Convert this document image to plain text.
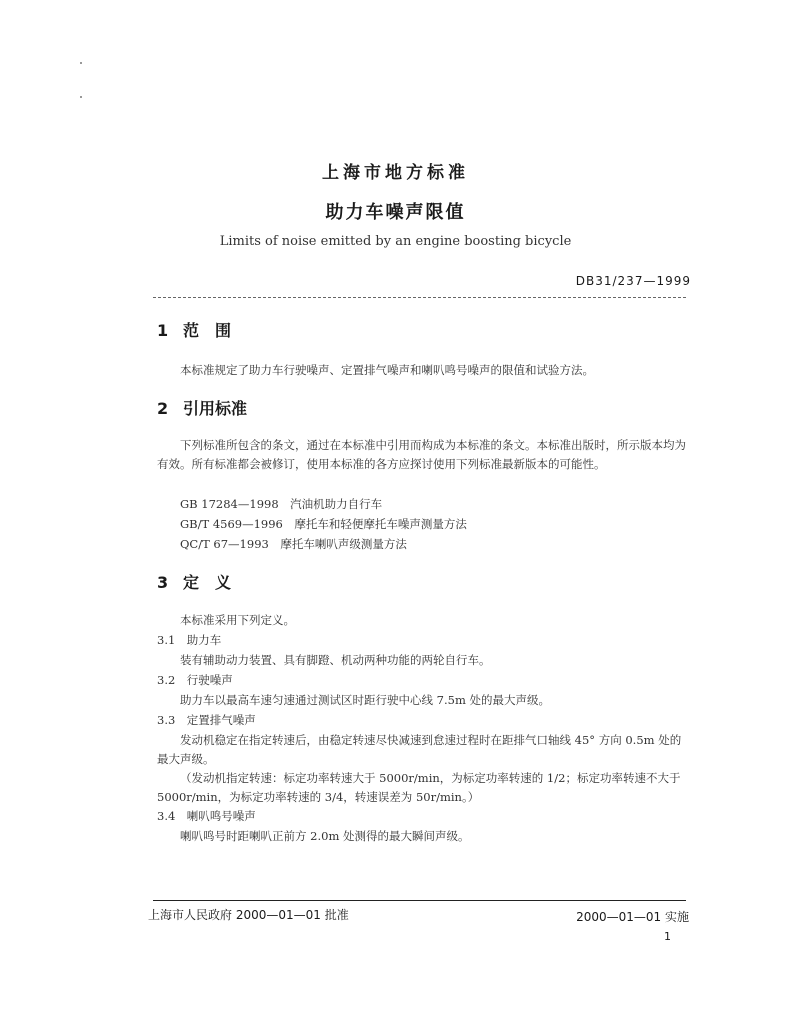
上海市地方标准
助力车噪声限值
Limits of noise emitted by an engine boosting bicycle
DB31/237—1999
1 范　围
本标准规定了助力车行驶噪声、定置排气噪声和喇叭鸣号噪声的限值和试验方法。
2 引用标准
下列标准所包含的条文，通过在本标准中引用而构成为本标准的条文。本标准出版时，所示版本均为有效。所有标准都会被修订，使用本标准的各方应探讨使用下列标准最新版本的可能性。
GB 17284—1998　汽油机助力自行车
GB/T 4569—1996　摩托车和轻便摩托车噪声测量方法
QC/T 67—1993　摩托车喇叭声级测量方法
3 定　义
本标准采用下列定义。
3.1　助力车
装有辅助动力装置、具有脚蹬、机动两种功能的两轮自行车。
3.2　行驶噪声
助力车以最高车速匀速通过测试区时距行驶中心线 7.5m 处的最大声级。
3.3　定置排气噪声
发动机稳定在指定转速后，由稳定转速尽快减速到怠速过程时在距排气口轴线 45° 方向 0.5m 处的最大声级。
（发动机指定转速：标定功率转速大于 5000r/min，为标定功率转速的 1/2；标定功率转速不大于 5000r/min，为标定功率转速的 3/4，转速误差为 50r/min。）
3.4　喇叭鸣号噪声
喇叭鸣号时距喇叭正前方 2.0m 处测得的最大瞬间声级。
上海市人民政府 2000—01—01 批准	2000—01—01 实施
1
